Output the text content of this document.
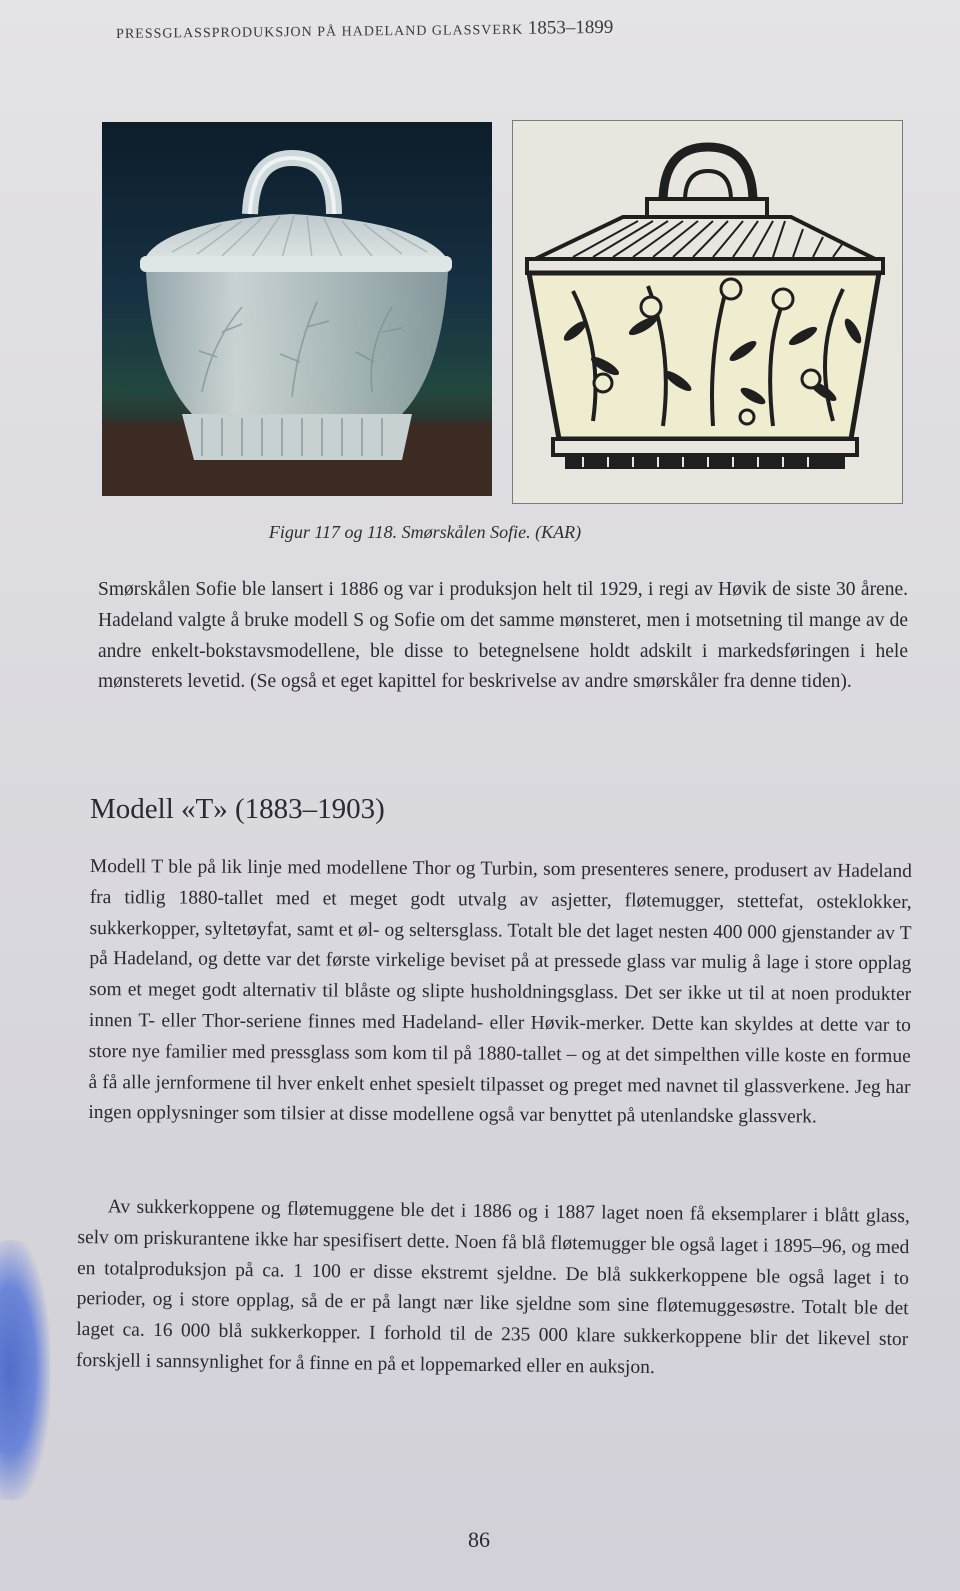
PRESSGLASSPRODUKSJON PÅ HADELAND GLASSVERK 1853–1899
Figur 117 og 118. Smørskålen Sofie. (KAR)

Smørskålen Sofie ble lansert i 1886 og var i produksjon helt til 1929, i regi av Høvik de siste 30 årene. Hadeland valgte å bruke modell S og Sofie om det samme mønsteret, men i motsetning til mange av de andre enkelt-bokstavsmodellene, ble disse to betegnelsene holdt adskilt i markedsføringen i hele mønsterets levetid. (Se også et eget kapittel for beskrivelse av andre smørskåler fra denne tiden).

Modell «T» (1883–1903)

Modell T ble på lik linje med modellene Thor og Turbin, som presenteres senere, produsert av Hadeland fra tidlig 1880-tallet med et meget godt utvalg av asjetter, fløtemugger, stettefat, osteklokker, sukkerkopper, syltetøyfat, samt et øl- og seltersglass. Totalt ble det laget nesten 400 000 gjenstander av T på Hadeland, og dette var det første virkelige beviset på at pressede glass var mulig å lage i store opplag som et meget godt alternativ til blåste og slipte husholdningsglass. Det ser ikke ut til at noen produkter innen T- eller Thor-seriene finnes med Hadeland- eller Høvik-merker. Dette kan skyldes at dette var to store nye familier med pressglass som kom til på 1880-tallet – og at det simpelthen ville koste en formue å få alle jernformene til hver enkelt enhet spesielt tilpasset og preget med navnet til glassverkene. Jeg har ingen opplysninger som tilsier at disse modellene også var benyttet på utenlandske glassverk.

Av sukkerkoppene og fløtemuggene ble det i 1886 og i 1887 laget noen få eksemplarer i blått glass, selv om priskurantene ikke har spesifisert dette. Noen få blå fløtemugger ble også laget i 1895–96, og med en totalproduksjon på ca. 1 100 er disse ekstremt sjeldne. De blå sukkerkoppene ble også laget i to perioder, og i store opplag, så de er på langt nær like sjeldne som sine fløtemuggesøstre. Totalt ble det laget ca. 16 000 blå sukkerkopper. I forhold til de 235 000 klare sukkerkoppene blir det likevel stor forskjell i sannsynlighet for å finne en på et loppemarked eller en auksjon.

86
